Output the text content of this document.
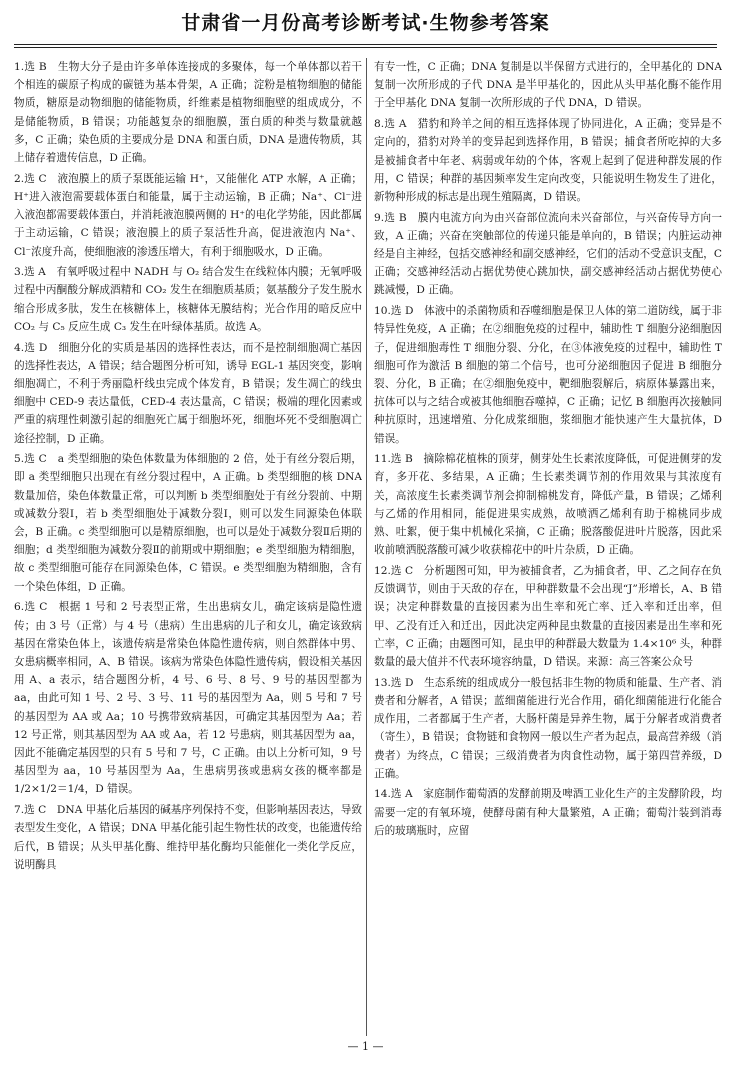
甘肃省一月份高考诊断考试·生物参考答案

1.选 B　生物大分子是由许多单体连接成的多聚体，每一个单体都以若干个相连的碳原子构成的碳链为基本骨架，A 正确；淀粉是植物细胞的储能物质，糖原是动物细胞的储能物质，纤维素是植物细胞壁的组成成分，不是储能物质，B 错误；功能越复杂的细胞膜，蛋白质的种类与数量就越多，C 正确；染色质的主要成分是 DNA 和蛋白质，DNA 是遗传物质，其上储存着遗传信息，D 正确。

2.选 C　液泡膜上的质子泵既能运输 H⁺，又能催化 ATP 水解，A 正确；H⁺进入液泡需要载体蛋白和能量，属于主动运输，B 正确；Na⁺、Cl⁻进入液泡都需要载体蛋白，并消耗液泡膜两侧的 H⁺的电化学势能，因此都属于主动运输，C 错误；液泡膜上的质子泵活性升高，促进液泡内 Na⁺、Cl⁻浓度升高，使细胞液的渗透压增大，有利于细胞吸水，D 正确。

3.选 A　有氧呼吸过程中 NADH 与 O₂ 结合发生在线粒体内膜；无氧呼吸过程中丙酮酸分解成酒精和 CO₂ 发生在细胞质基质；氨基酸分子发生脱水缩合形成多肽，发生在核糖体上，核糖体无膜结构；光合作用的暗反应中 CO₂ 与 C₅ 反应生成 C₃ 发生在叶绿体基质。故选 A。

4.选 D　细胞分化的实质是基因的选择性表达，而不是控制细胞凋亡基因的选择性表达，A 错误；结合题图分析可知，诱导 EGL-1 基因突变，影响细胞凋亡，不利于秀丽隐杆线虫完成个体发育，B 错误；发生凋亡的线虫细胞中 CED-9 表达量低，CED-4 表达量高，C 错误；极端的理化因素或严重的病理性刺激引起的细胞死亡属于细胞坏死，细胞坏死不受细胞凋亡途径控制，D 正确。

5.选 C　a 类型细胞的染色体数量为体细胞的 2 倍，处于有丝分裂后期，即 a 类型细胞只出现在有丝分裂过程中，A 正确。b 类型细胞的核 DNA 数量加倍，染色体数量正常，可以判断 b 类型细胞处于有丝分裂前、中期或减数分裂Ⅰ，若 b 类型细胞处于减数分裂Ⅰ，则可以发生同源染色体联会，B 正确。c 类型细胞可以是精原细胞，也可以是处于减数分裂Ⅱ后期的细胞；d 类型细胞为减数分裂Ⅱ的前期或中期细胞；e 类型细胞为精细胞，故 c 类型细胞可能存在同源染色体，C 错误。e 类型细胞为精细胞，含有一个染色体组，D 正确。

6.选 C　根据 1 号和 2 号表型正常，生出患病女儿，确定该病是隐性遗传；由 3 号（正常）与 4 号（患病）生出患病的儿子和女儿，确定该致病基因在常染色体上，该遗传病是常染色体隐性遗传病，则自然群体中男、女患病概率相同，A、B 错误。该病为常染色体隐性遗传病，假设相关基因用 A、a 表示，结合题图分析，4 号、6 号、8 号、9 号的基因型都为 aa，由此可知 1 号、2 号、3 号、11 号的基因型为 Aa，则 5 号和 7 号的基因型为 AA 或 Aa；10 号携带致病基因，可确定其基因型为 Aa；若 12 号正常，则其基因型为 AA 或 Aa，若 12 号患病，则其基因型为 aa，因此不能确定基因型的只有 5 号和 7 号，C 正确。由以上分析可知，9 号基因型为 aa，10 号基因型为 Aa，生患病男孩或患病女孩的概率都是 1/2×1/2＝1/4，D 错误。

7.选 C　DNA 甲基化后基因的碱基序列保持不变，但影响基因表达，导致表型发生变化，A 错误；DNA 甲基化能引起生物性状的改变，也能遗传给后代，B 错误；从头甲基化酶、维持甲基化酶均只能催化一类化学反应，说明酶具

有专一性，C 正确；DNA 复制是以半保留方式进行的，全甲基化的 DNA 复制一次所形成的子代 DNA 是半甲基化的，因此从头甲基化酶不能作用于全甲基化 DNA 复制一次所形成的子代 DNA，D 错误。

8.选 A　猎豹和羚羊之间的相互选择体现了协同进化，A 正确；变异是不定向的，猎豹对羚羊的变异起到选择作用，B 错误；捕食者所吃掉的大多是被捕食者中年老、病弱或年幼的个体，客观上起到了促进种群发展的作用，C 错误；种群的基因频率发生定向改变，只能说明生物发生了进化，新物种形成的标志是出现生殖隔离，D 错误。

9.选 B　膜内电流方向为由兴奋部位流向未兴奋部位，与兴奋传导方向一致，A 正确；兴奋在突触部位的传递只能是单向的，B 错误；内脏运动神经是自主神经，包括交感神经和副交感神经，它们的活动不受意识支配，C 正确；交感神经活动占据优势使心跳加快，副交感神经活动占据优势使心跳减慢，D 正确。

10.选 D　体液中的杀菌物质和吞噬细胞是保卫人体的第二道防线，属于非特异性免疫，A 正确；在②细胞免疫的过程中，辅助性 T 细胞分泌细胞因子，促进细胞毒性 T 细胞分裂、分化，在③体液免疫的过程中，辅助性 T 细胞可作为激活 B 细胞的第二个信号，也可分泌细胞因子促进 B 细胞分裂、分化，B 正确；在②细胞免疫中，靶细胞裂解后，病原体暴露出来，抗体可以与之结合或被其他细胞吞噬掉，C 正确；记忆 B 细胞再次接触同种抗原时，迅速增殖、分化成浆细胞，浆细胞才能快速产生大量抗体，D 错误。

11.选 B　摘除棉花植株的顶芽，侧芽处生长素浓度降低，可促进侧芽的发育，多开花、多结果，A 正确；生长素类调节剂的作用效果与其浓度有关，高浓度生长素类调节剂会抑制棉桃发育，降低产量，B 错误；乙烯利与乙烯的作用相同，能促进果实成熟，故喷洒乙烯利有助于棉桃同步成熟、吐絮，便于集中机械化采摘，C 正确；脱落酸促进叶片脱落，因此采收前喷洒脱落酸可减少收获棉花中的叶片杂质，D 正确。

12.选 C　分析题图可知，甲为被捕食者，乙为捕食者，甲、乙之间存在负反馈调节，则由于天敌的存在，甲种群数量不会出现“J”形增长，A、B 错误；决定种群数量的直接因素为出生率和死亡率、迁入率和迁出率，但甲、乙没有迁入和迁出，因此决定两种昆虫数量的直接因素是出生率和死亡率，C 正确；由题图可知，昆虫甲的种群最大数量为 1.4×10⁶ 头，种群数量的最大值并不代表环境容纳量，D 错误。来源：高三答案公众号

13.选 D　生态系统的组成成分一般包括非生物的物质和能量、生产者、消费者和分解者，A 错误；蓝细菌能进行光合作用，硝化细菌能进行化能合成作用，二者都属于生产者，大肠杆菌是异养生物，属于分解者或消费者（寄生），B 错误；食物链和食物网一般以生产者为起点，最高营养级（消费者）为终点，C 错误；三级消费者为肉食性动物，属于第四营养级，D 正确。

14.选 A　家庭制作葡萄酒的发酵前期及啤酒工业化生产的主发酵阶段，均需要一定的有氧环境，使酵母菌有种大量繁殖，A 正确；葡萄汁装到消毒后的玻璃瓶时，应留

— 1 —
